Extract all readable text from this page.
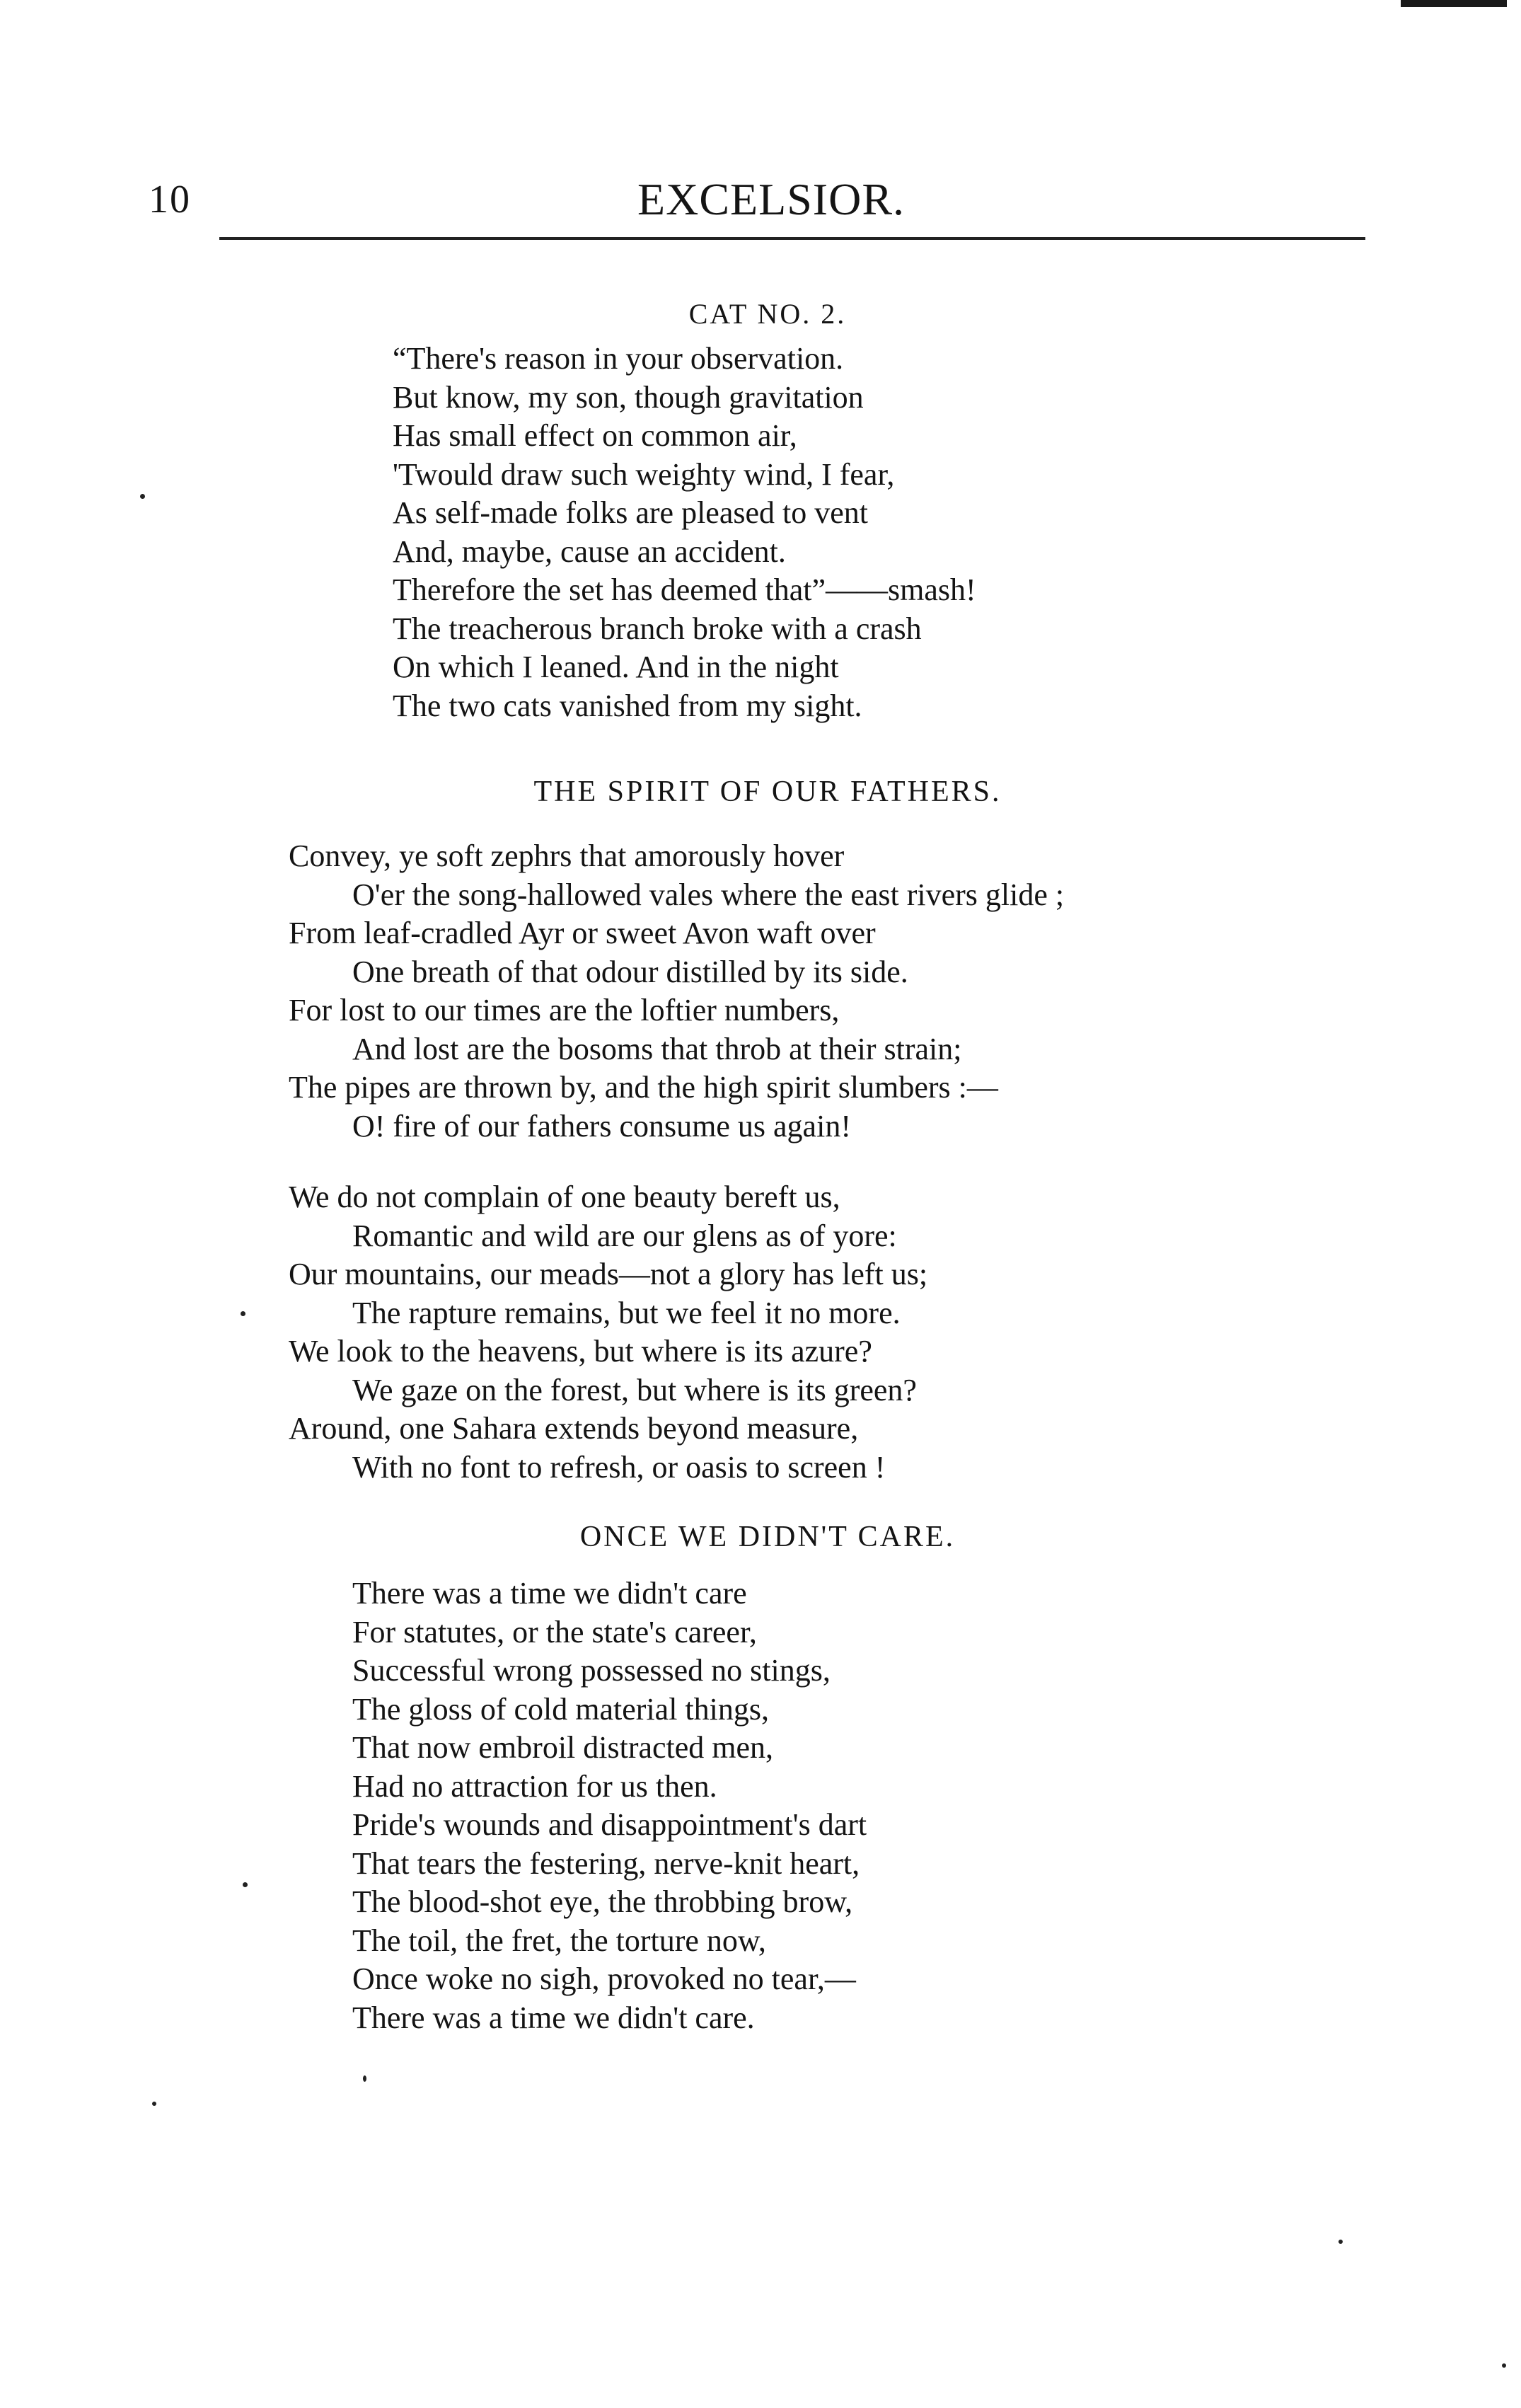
10	EXCELSIOR.
CAT NO. 2.
“There's reason in your observation.
But know, my son, though gravitation
Has small effect on common air,
'Twould draw such weighty wind, I fear,
As self-made folks are pleased to vent
And, maybe, cause an accident.
Therefore the set has deemed that”——smash!
The treacherous branch broke with a crash
On which I leaned. And in the night
The two cats vanished from my sight.
THE SPIRIT OF OUR FATHERS.
Convey, ye soft zephrs that amorously hover
O'er the song-hallowed vales where the east rivers glide ;
From leaf-cradled Ayr or sweet Avon waft over
One breath of that odour distilled by its side.
For lost to our times are the loftier numbers,
And lost are the bosoms that throb at their strain;
The pipes are thrown by, and the high spirit slumbers :—
O! fire of our fathers consume us again!
We do not complain of one beauty bereft us,
Romantic and wild are our glens as of yore:
Our mountains, our meads—not a glory has left us;
The rapture remains, but we feel it no more.
We look to the heavens, but where is its azure?
We gaze on the forest, but where is its green?
Around, one Sahara extends beyond measure,
With no font to refresh, or oasis to screen !
ONCE WE DIDN'T CARE.
There was a time we didn't care
For statutes, or the state's career,
Successful wrong possessed no stings,
The gloss of cold material things,
That now embroil distracted men,
Had no attraction for us then.
Pride's wounds and disappointment's dart
That tears the festering, nerve-knit heart,
The blood-shot eye, the throbbing brow,
The toil, the fret, the torture now,
Once woke no sigh, provoked no tear,—
There was a time we didn't care.
